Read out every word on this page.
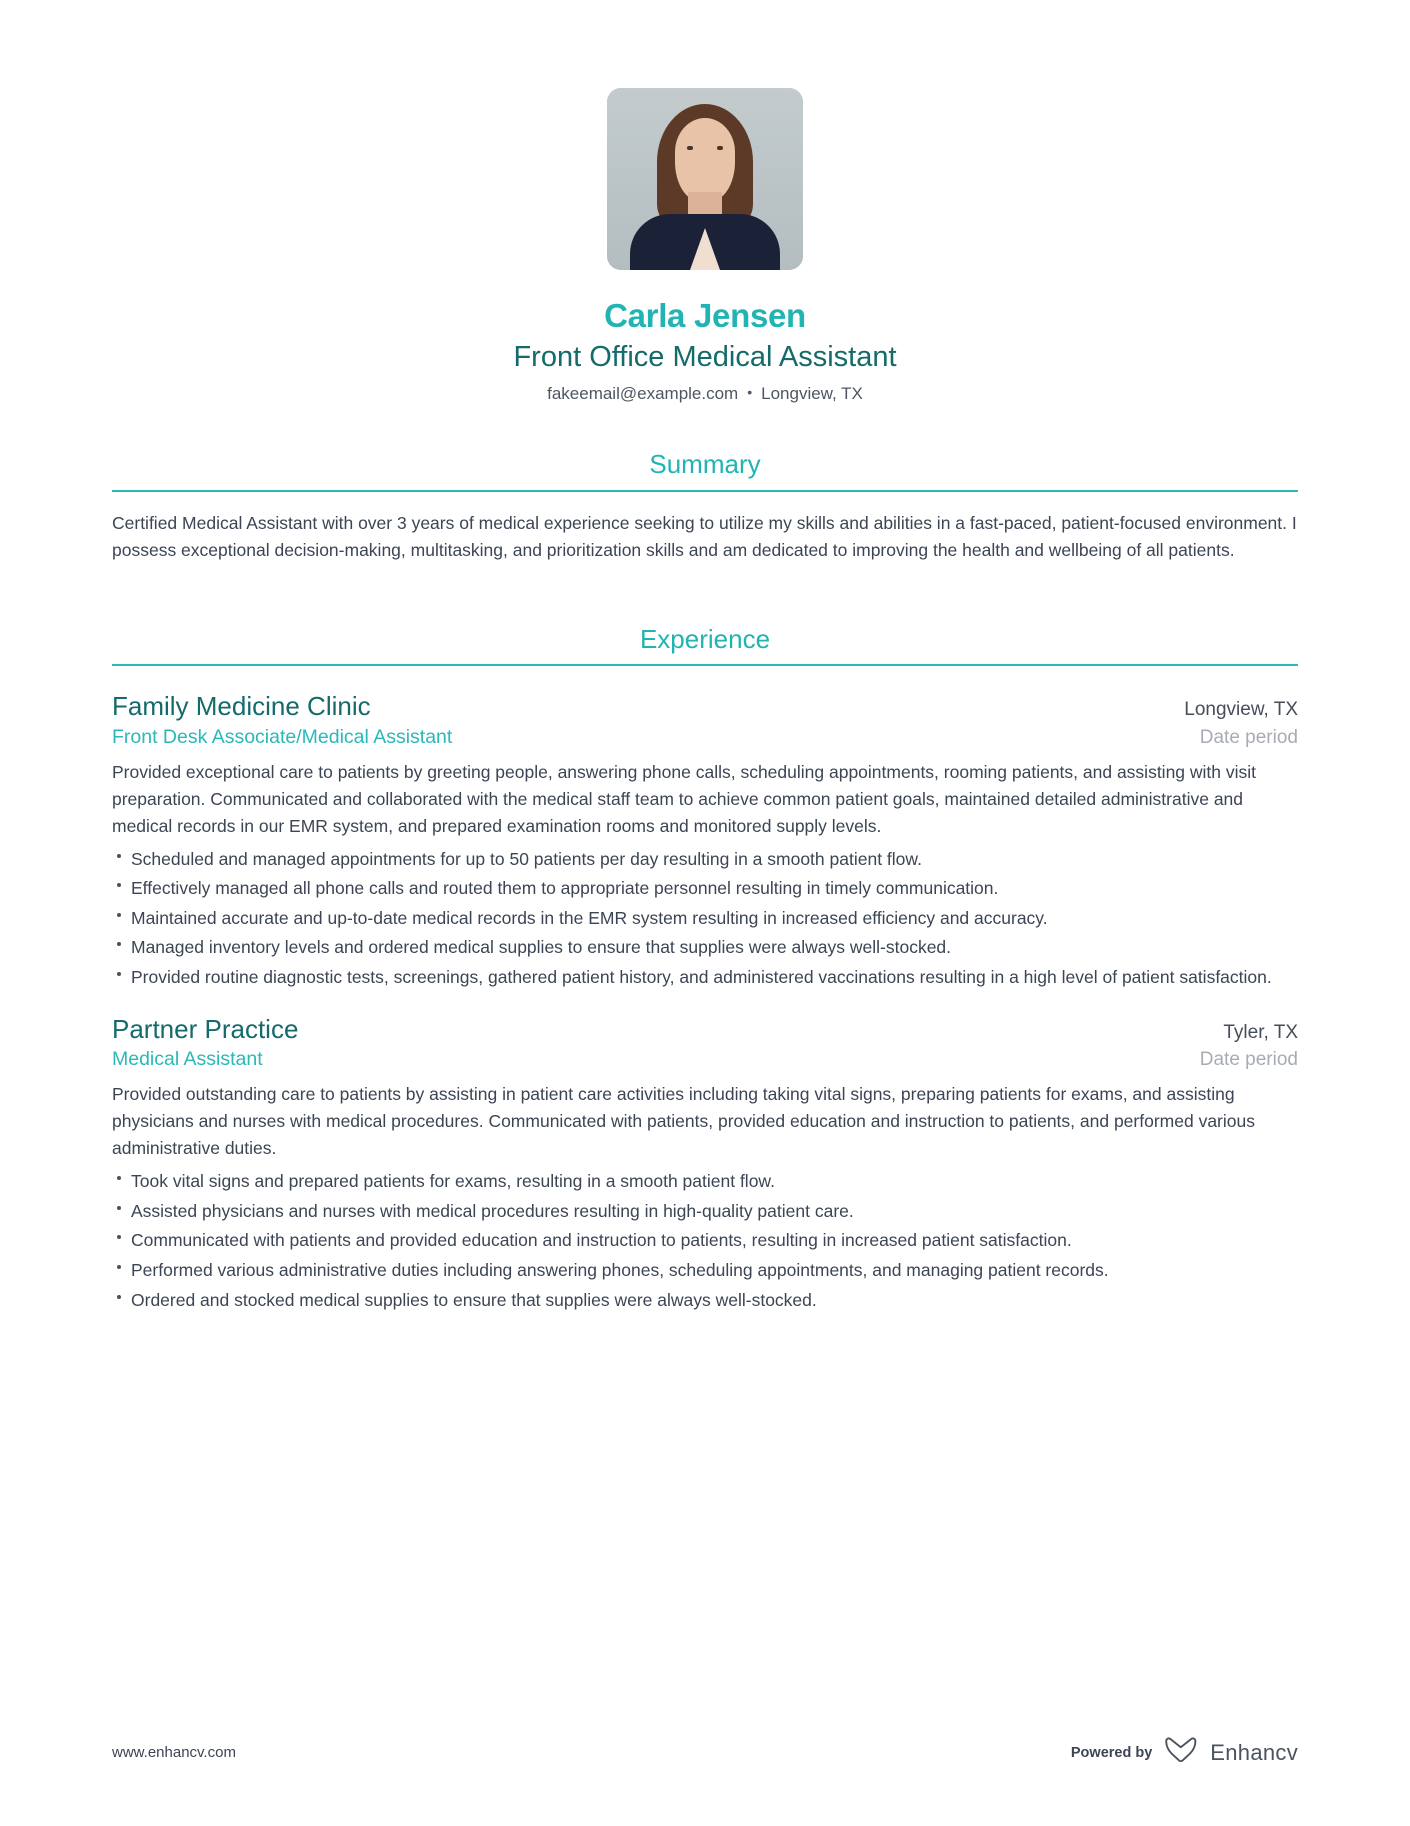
Carla Jensen
Front Office Medical Assistant
fakeemail@example.com • Longview, TX
Summary
Certified Medical Assistant with over 3 years of medical experience seeking to utilize my skills and abilities in a fast-paced, patient-focused environment. I possess exceptional decision-making, multitasking, and prioritization skills and am dedicated to improving the health and wellbeing of all patients.
Experience
Family Medicine Clinic	Longview, TX
Front Desk Associate/Medical Assistant	Date period
Provided exceptional care to patients by greeting people, answering phone calls, scheduling appointments, rooming patients, and assisting with visit preparation. Communicated and collaborated with the medical staff team to achieve common patient goals, maintained detailed administrative and medical records in our EMR system, and prepared examination rooms and monitored supply levels.
Scheduled and managed appointments for up to 50 patients per day resulting in a smooth patient flow.
Effectively managed all phone calls and routed them to appropriate personnel resulting in timely communication.
Maintained accurate and up-to-date medical records in the EMR system resulting in increased efficiency and accuracy.
Managed inventory levels and ordered medical supplies to ensure that supplies were always well-stocked.
Provided routine diagnostic tests, screenings, gathered patient history, and administered vaccinations resulting in a high level of patient satisfaction.
Partner Practice	Tyler, TX
Medical Assistant	Date period
Provided outstanding care to patients by assisting in patient care activities including taking vital signs, preparing patients for exams, and assisting physicians and nurses with medical procedures. Communicated with patients, provided education and instruction to patients, and performed various administrative duties.
Took vital signs and prepared patients for exams, resulting in a smooth patient flow.
Assisted physicians and nurses with medical procedures resulting in high-quality patient care.
Communicated with patients and provided education and instruction to patients, resulting in increased patient satisfaction.
Performed various administrative duties including answering phones, scheduling appointments, and managing patient records.
Ordered and stocked medical supplies to ensure that supplies were always well-stocked.
www.enhancv.com	Powered by	Enhancv
